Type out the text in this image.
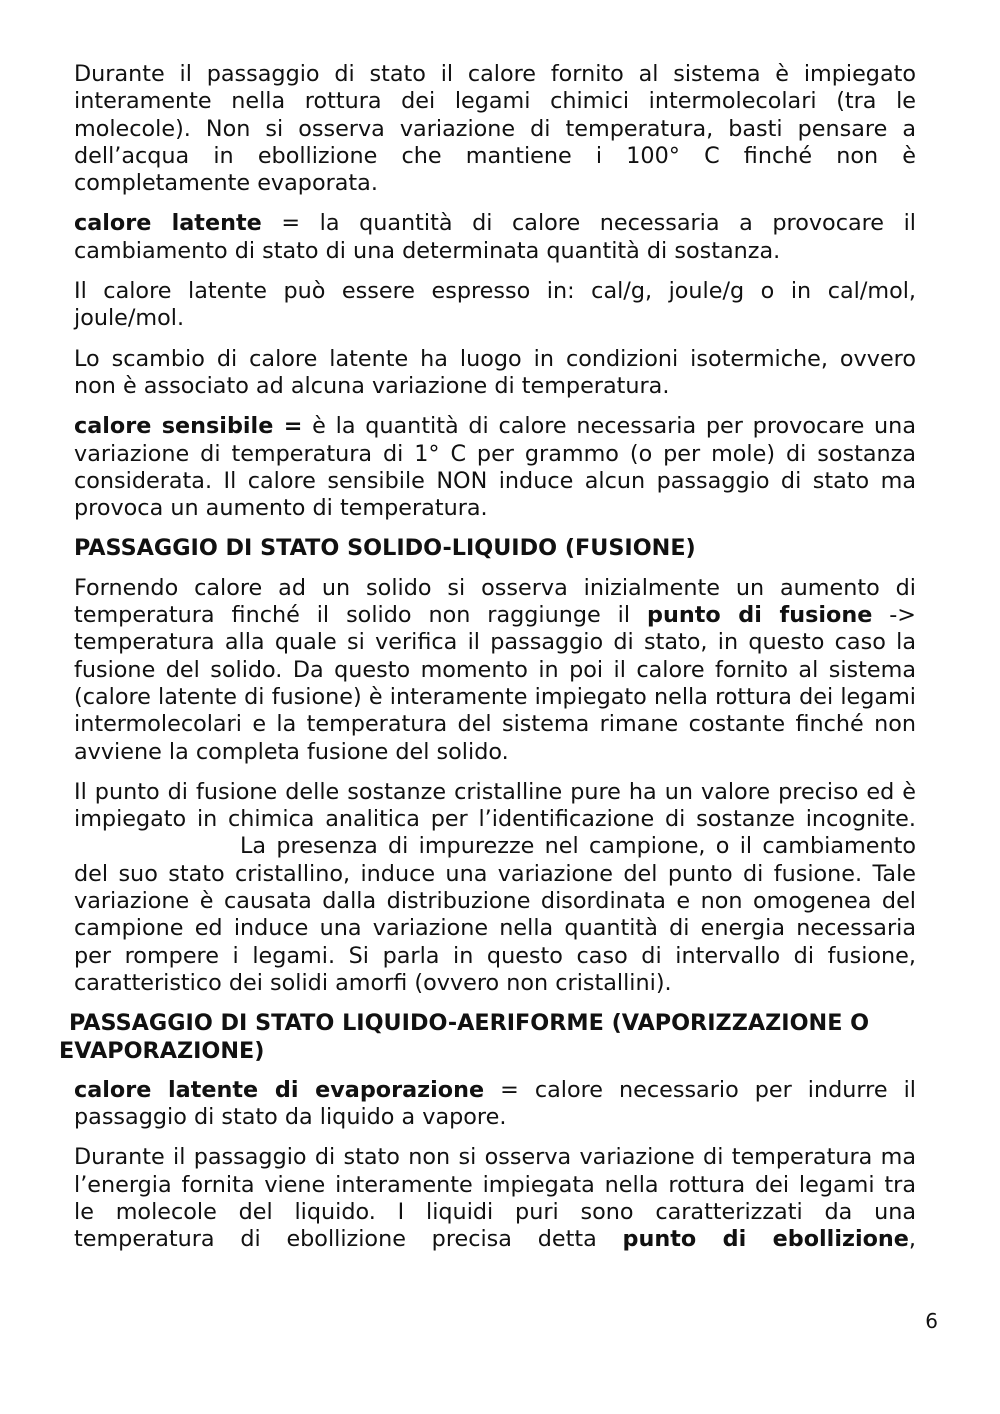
Durante il passaggio di stato il calore fornito al sistema è impiegato interamente nella rottura dei legami chimici intermolecolari (tra le molecole). Non si osserva variazione di temperatura, basti pensare a dell’acqua in ebollizione che mantiene i 100° C finché non è completamente evaporata.

calore latente = la quantità di calore necessaria a provocare il cambiamento di stato di una determinata quantità di sostanza.

Il calore latente può essere espresso in: cal/g, joule/g o in cal/mol, joule/mol.

Lo scambio di calore latente ha luogo in condizioni isotermiche, ovvero non è associato ad alcuna variazione di temperatura.

calore sensibile = è la quantità di calore necessaria per provocare una variazione di temperatura di 1° C per grammo (o per mole) di sostanza considerata. Il calore sensibile NON induce alcun passaggio di stato ma provoca un aumento di temperatura.

PASSAGGIO DI STATO SOLIDO-LIQUIDO (FUSIONE)

Fornendo calore ad un solido si osserva inizialmente un aumento di temperatura finché il solido non raggiunge il punto di fusione -> temperatura alla quale si verifica il passaggio di stato, in questo caso la fusione del solido. Da questo momento in poi il calore fornito al sistema (calore latente di fusione) è interamente impiegato nella rottura dei legami intermolecolari e la temperatura del sistema rimane costante finché non avviene la completa fusione del solido.

Il punto di fusione delle sostanze cristalline pure ha un valore preciso ed è impiegato in chimica analitica per l’identificazione di sostanze incognite.La presenza di impurezze nel campione, o il cambiamento del suo stato cristallino, induce una variazione del punto di fusione. Tale variazione è causata dalla distribuzione disordinata e non omogenea del campione ed induce una variazione nella quantità di energia necessaria per rompere i legami. Si parla in questo caso di intervallo di fusione, caratteristico dei solidi amorfi (ovvero non cristallini).

PASSAGGIO DI STATO LIQUIDO-AERIFORME (VAPORIZZAZIONE O EVAPORAZIONE)

calore latente di evaporazione = calore necessario per indurre il passaggio di stato da liquido a vapore.

Durante il passaggio di stato non si osserva variazione di temperatura ma l’energia fornita viene interamente impiegata nella rottura dei legami tra le molecole del liquido. I liquidi puri sono caratterizzati da una temperatura di ebollizione precisa detta punto di ebollizione,

6
